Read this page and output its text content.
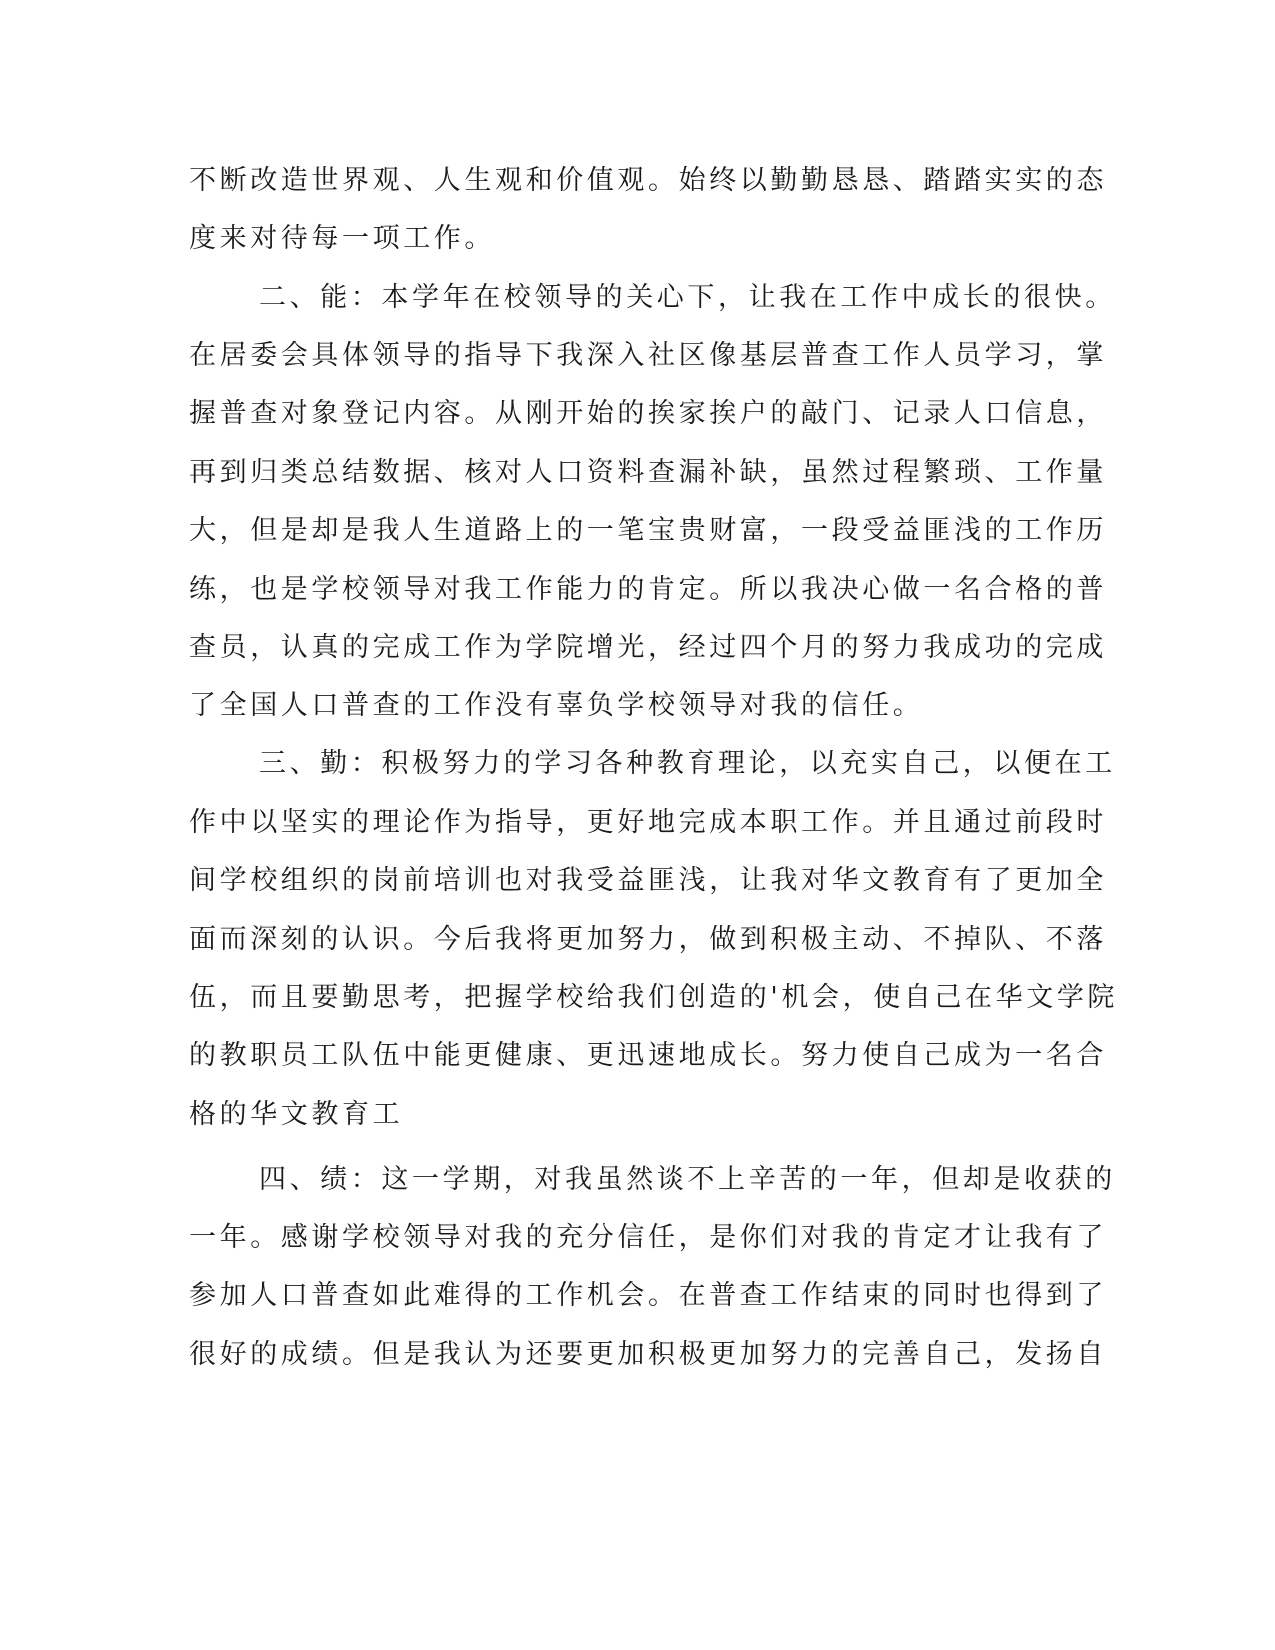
不断改造世界观、人生观和价值观。始终以勤勤恳恳、踏踏实实的态
度来对待每一项工作。
二、能：本学年在校领导的关心下，让我在工作中成长的很快。
在居委会具体领导的指导下我深入社区像基层普查工作人员学习，掌
握普查对象登记内容。从刚开始的挨家挨户的敲门、记录人口信息，
再到归类总结数据、核对人口资料查漏补缺，虽然过程繁琐、工作量
大，但是却是我人生道路上的一笔宝贵财富，一段受益匪浅的工作历
练，也是学校领导对我工作能力的肯定。所以我决心做一名合格的普
查员，认真的完成工作为学院增光，经过四个月的努力我成功的完成
了全国人口普查的工作没有辜负学校领导对我的信任。
三、勤：积极努力的学习各种教育理论，以充实自己，以便在工
作中以坚实的理论作为指导，更好地完成本职工作。并且通过前段时
间学校组织的岗前培训也对我受益匪浅，让我对华文教育有了更加全
面而深刻的认识。今后我将更加努力，做到积极主动、不掉队、不落
伍，而且要勤思考，把握学校给我们创造的'机会，使自己在华文学院
的教职员工队伍中能更健康、更迅速地成长。努力使自己成为一名合
格的华文教育工
四、绩：这一学期，对我虽然谈不上辛苦的一年，但却是收获的
一年。感谢学校领导对我的充分信任，是你们对我的肯定才让我有了
参加人口普查如此难得的工作机会。在普查工作结束的同时也得到了
很好的成绩。但是我认为还要更加积极更加努力的完善自己，发扬自
